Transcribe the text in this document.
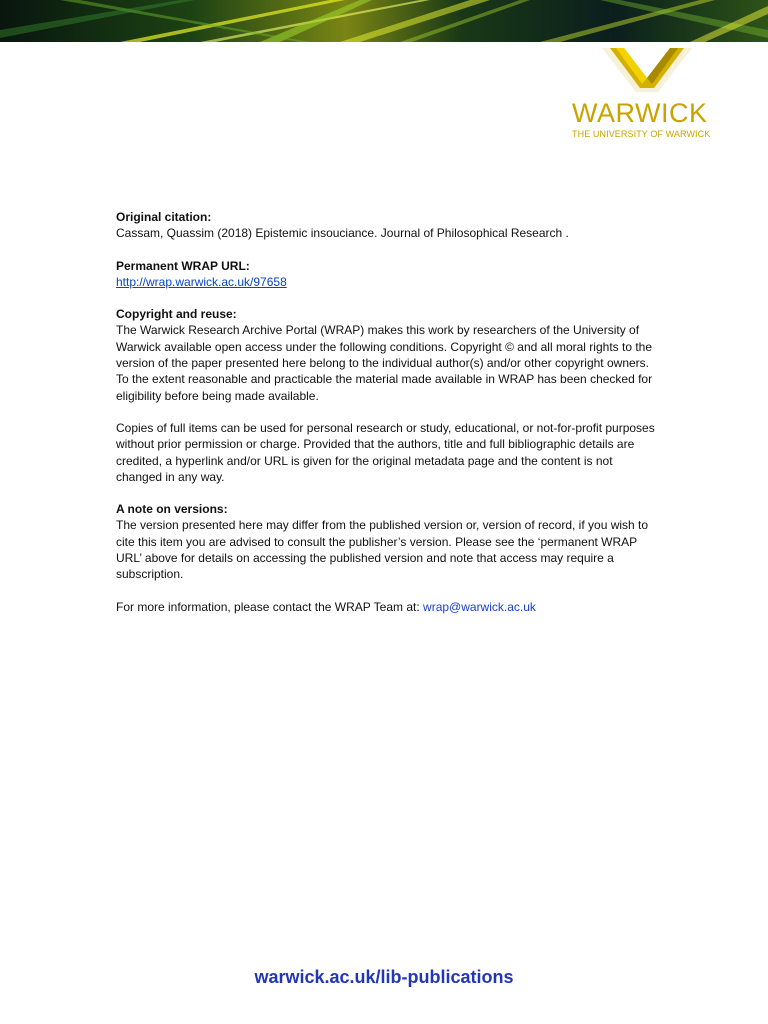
WARWICK
THE UNIVERSITY OF WARWICK

Original citation:

Cassam, Quassim (2018) Epistemic insouciance. Journal of Philosophical Research .

Permanent WRAP URL:

http://wrap.warwick.ac.uk/97658

Copyright and reuse:

The Warwick Research Archive Portal (WRAP) makes this work by researchers of the University of Warwick available open access under the following conditions. Copyright © and all moral rights to the version of the paper presented here belong to the individual author(s) and/or other copyright owners. To the extent reasonable and practicable the material made available in WRAP has been checked for eligibility before being made available.

Copies of full items can be used for personal research or study, educational, or not-for-profit purposes without prior permission or charge. Provided that the authors, title and full bibliographic details are credited, a hyperlink and/or URL is given for the original metadata page and the content is not changed in any way.

A note on versions:

The version presented here may differ from the published version or, version of record, if you wish to cite this item you are advised to consult the publisher’s version. Please see the ‘permanent WRAP URL’ above for details on accessing the published version and note that access may require a subscription.

For more information, please contact the WRAP Team at: wrap@warwick.ac.uk

warwick.ac.uk/lib-publications
